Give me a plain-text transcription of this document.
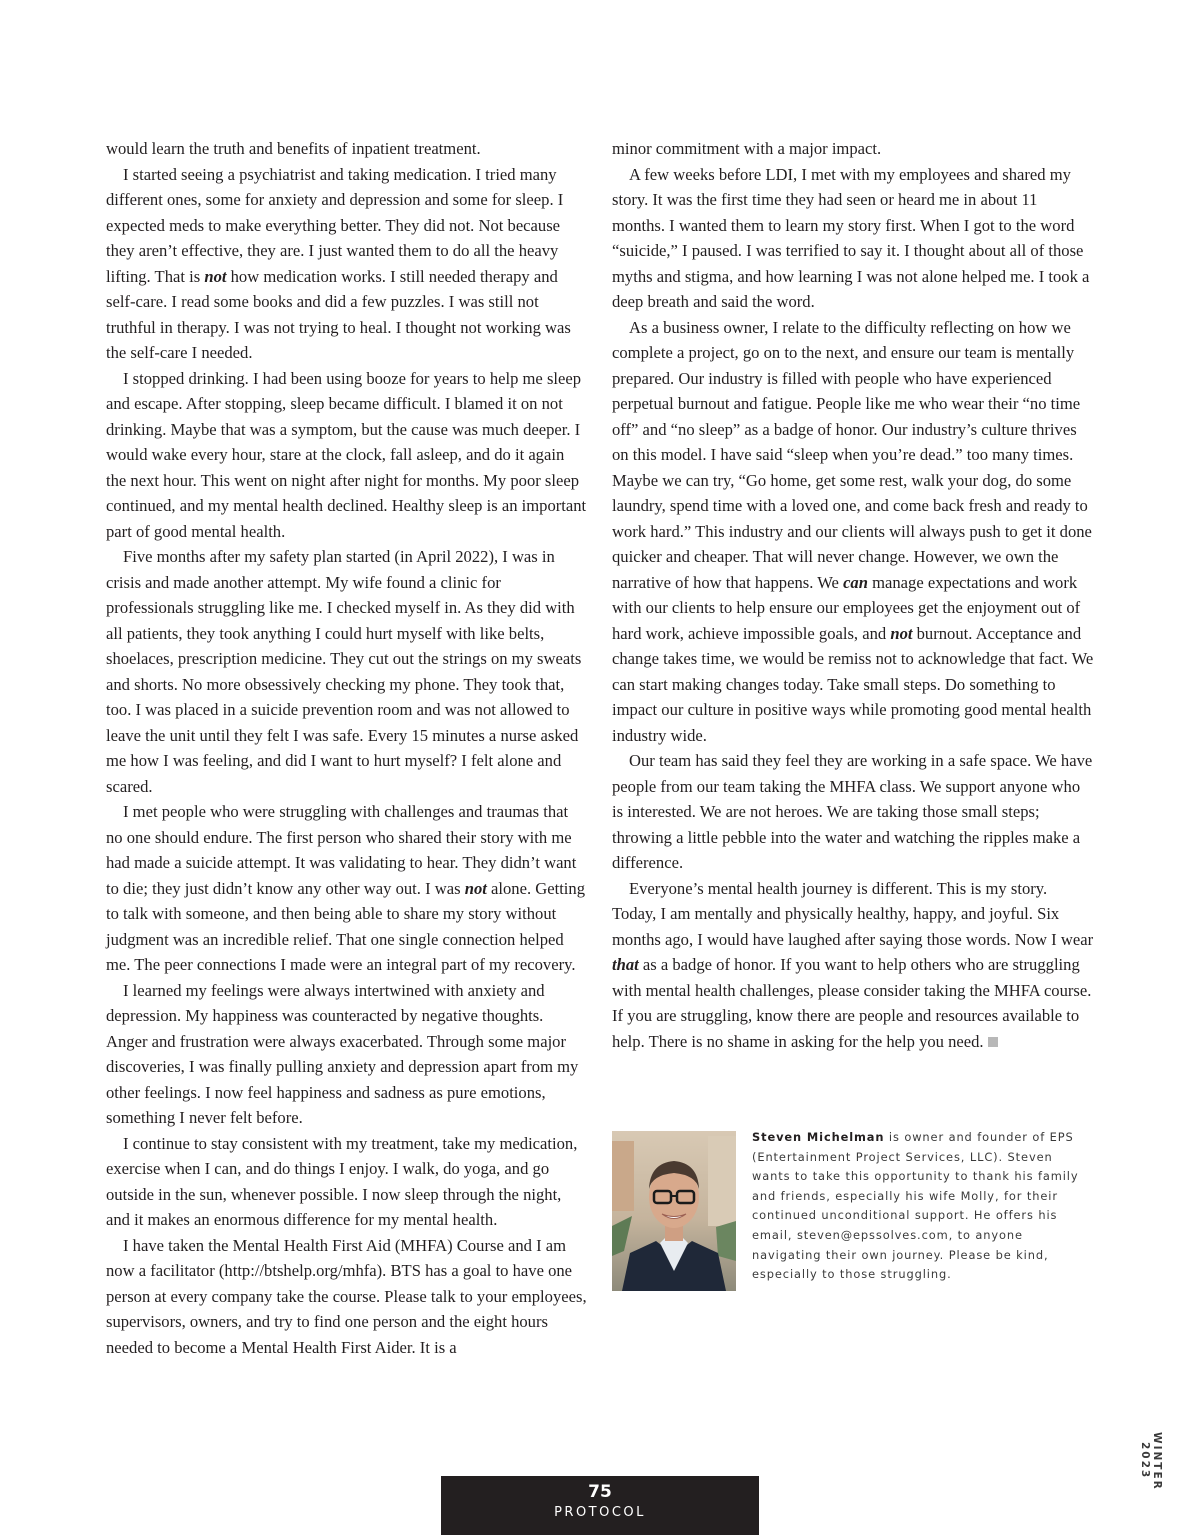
would learn the truth and benefits of inpatient treatment.

I started seeing a psychiatrist and taking medication. I tried many different ones, some for anxiety and depression and some for sleep. I expected meds to make everything better. They did not. Not because they aren’t effective, they are. I just wanted them to do all the heavy lifting. That is not how medication works. I still needed therapy and self-care. I read some books and did a few puzzles. I was still not truthful in therapy. I was not trying to heal. I thought not working was the self-care I needed.

I stopped drinking. I had been using booze for years to help me sleep and escape. After stopping, sleep became difficult. I blamed it on not drinking. Maybe that was a symptom, but the cause was much deeper. I would wake every hour, stare at the clock, fall asleep, and do it again the next hour. This went on night after night for months. My poor sleep continued, and my mental health declined. Healthy sleep is an important part of good mental health.

Five months after my safety plan started (in April 2022), I was in crisis and made another attempt. My wife found a clinic for professionals struggling like me. I checked myself in. As they did with all patients, they took anything I could hurt myself with like belts, shoelaces, prescription medicine. They cut out the strings on my sweats and shorts. No more obsessively checking my phone. They took that, too. I was placed in a suicide prevention room and was not allowed to leave the unit until they felt I was safe. Every 15 minutes a nurse asked me how I was feeling, and did I want to hurt myself? I felt alone and scared.

I met people who were struggling with challenges and traumas that no one should endure. The first person who shared their story with me had made a suicide attempt. It was validating to hear. They didn’t want to die; they just didn’t know any other way out. I was not alone. Getting to talk with someone, and then being able to share my story without judgment was an incredible relief. That one single connection helped me. The peer connections I made were an integral part of my recovery.

I learned my feelings were always intertwined with anxiety and depression. My happiness was counteracted by negative thoughts. Anger and frustration were always exacerbated. Through some major discoveries, I was finally pulling anxiety and depression apart from my other feelings. I now feel happiness and sadness as pure emotions, something I never felt before.

I continue to stay consistent with my treatment, take my medication, exercise when I can, and do things I enjoy. I walk, do yoga, and go outside in the sun, whenever possible. I now sleep through the night, and it makes an enormous difference for my mental health.

I have taken the Mental Health First Aid (MHFA) Course and I am now a facilitator (http://btshelp.org/mhfa). BTS has a goal to have one person at every company take the course. Please talk to your employees, supervisors, owners, and try to find one person and the eight hours needed to become a Mental Health First Aider. It is a

minor commitment with a major impact.

A few weeks before LDI, I met with my employees and shared my story. It was the first time they had seen or heard me in about 11 months. I wanted them to learn my story first. When I got to the word “suicide,” I paused. I was terrified to say it. I thought about all of those myths and stigma, and how learning I was not alone helped me. I took a deep breath and said the word.

As a business owner, I relate to the difficulty reflecting on how we complete a project, go on to the next, and ensure our team is mentally prepared. Our industry is filled with people who have experienced perpetual burnout and fatigue. People like me who wear their “no time off” and “no sleep” as a badge of honor. Our industry’s culture thrives on this model. I have said “sleep when you’re dead.” too many times. Maybe we can try, “Go home, get some rest, walk your dog, do some laundry, spend time with a loved one, and come back fresh and ready to work hard.” This industry and our clients will always push to get it done quicker and cheaper. That will never change. However, we own the narrative of how that happens. We can manage expectations and work with our clients to help ensure our employees get the enjoyment out of hard work, achieve impossible goals, and not burnout. Acceptance and change takes time, we would be remiss not to acknowledge that fact. We can start making changes today. Take small steps. Do something to impact our culture in positive ways while promoting good mental health industry wide.

Our team has said they feel they are working in a safe space. We have people from our team taking the MHFA class. We support anyone who is interested. We are not heroes. We are taking those small steps; throwing a little pebble into the water and watching the ripples make a difference.

Everyone’s mental health journey is different. This is my story. Today, I am mentally and physically healthy, happy, and joyful. Six months ago, I would have laughed after saying those words. Now I wear that as a badge of honor. If you want to help others who are struggling with mental health challenges, please consider taking the MHFA course. If you are struggling, know there are people and resources available to help. There is no shame in asking for the help you need.

Steven Michelman is owner and founder of EPS (Entertainment Project Services, LLC). Steven wants to take this opportunity to thank his family and friends, especially his wife Molly, for their continued unconditional support. He offers his email, steven@epssolves.com, to anyone navigating their own journey. Please be kind, especially to those struggling.
WINTER 2023
75
PROTOCOL
